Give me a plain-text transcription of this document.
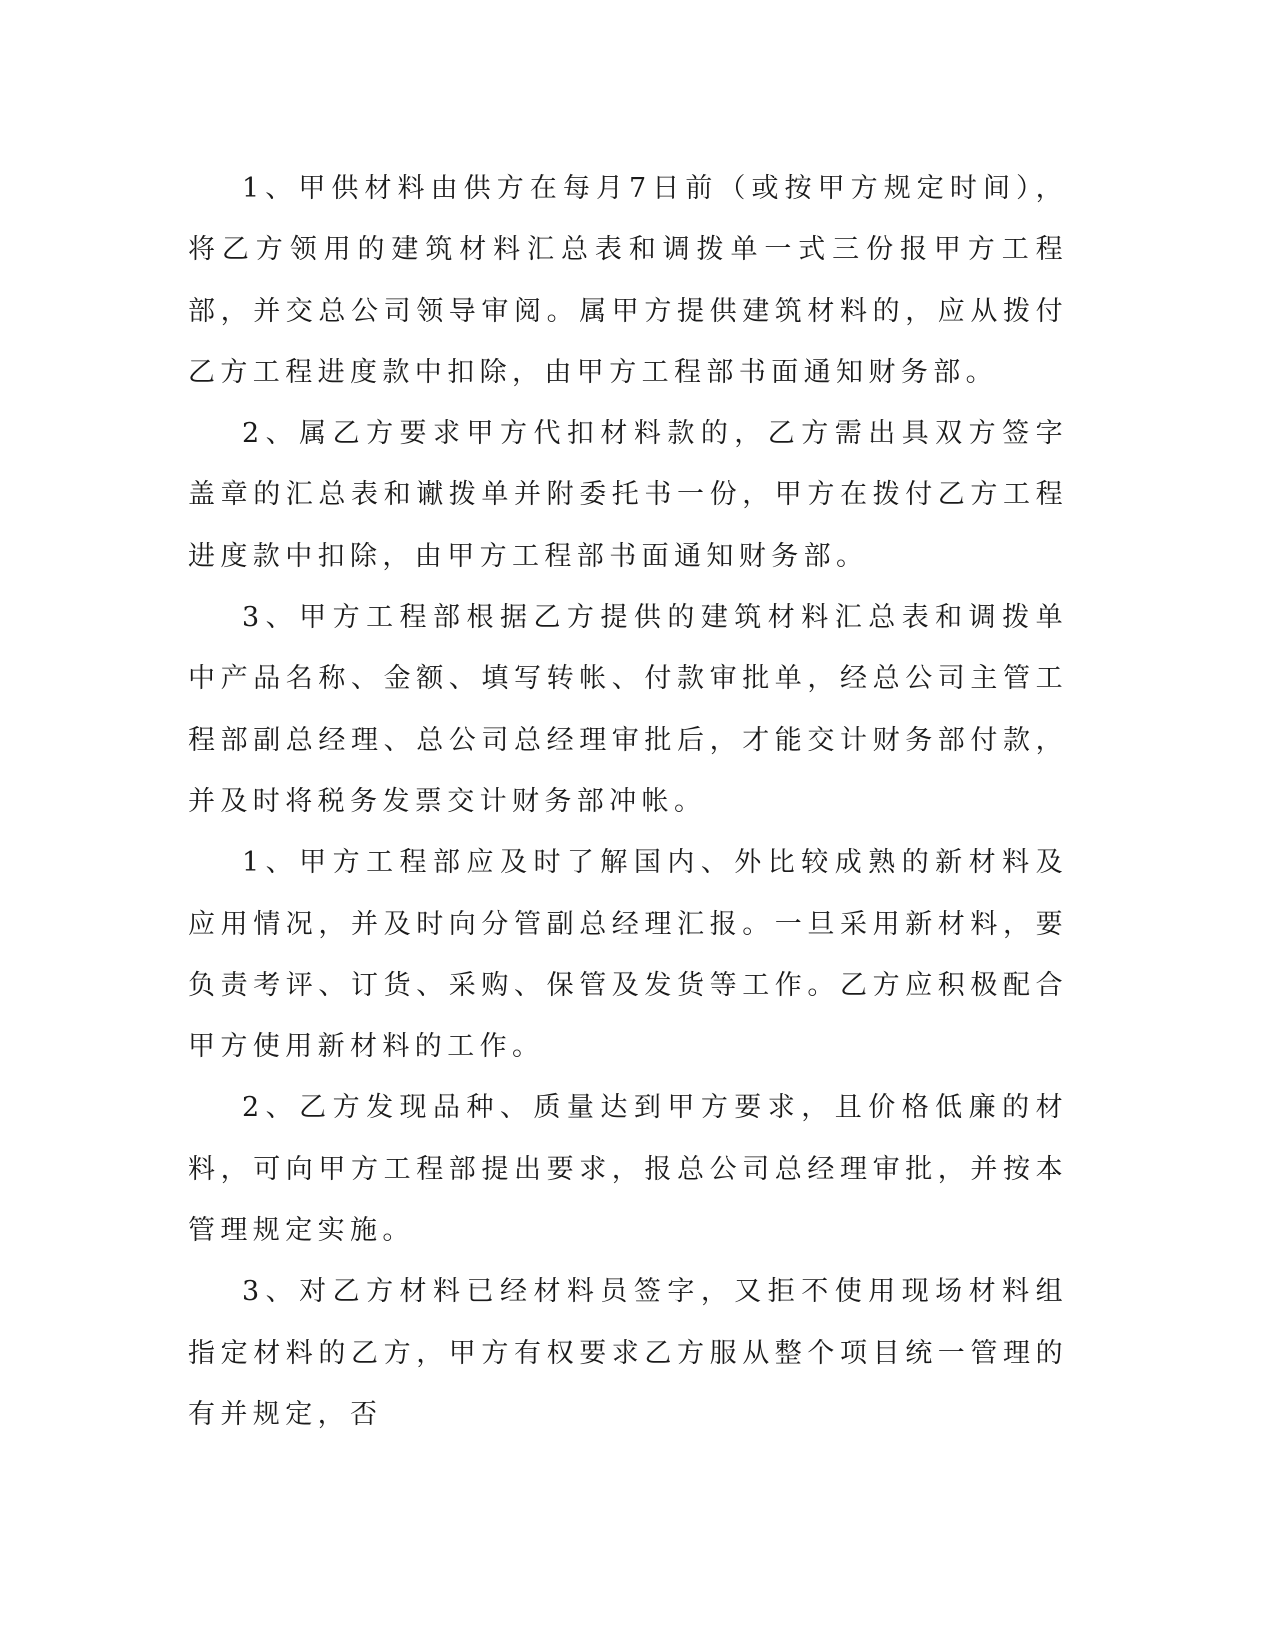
1、甲供材料由供方在每月7日前（或按甲方规定时间），将乙方领用的建筑材料汇总表和调拨单一式三份报甲方工程部，并交总公司领导审阅。属甲方提供建筑材料的，应从拨付乙方工程进度款中扣除，由甲方工程部书面通知财务部。

2、属乙方要求甲方代扣材料款的，乙方需出具双方签字盖章的汇总表和谳拨单并附委托书一份，甲方在拨付乙方工程进度款中扣除，由甲方工程部书面通知财务部。

3、甲方工程部根据乙方提供的建筑材料汇总表和调拨单中产品名称、金额、填写转帐、付款审批单，经总公司主管工程部副总经理、总公司总经理审批后，才能交计财务部付款，并及时将税务发票交计财务部冲帐。

1、甲方工程部应及时了解国内、外比较成熟的新材料及应用情况，并及时向分管副总经理汇报。一旦采用新材料，要负责考评、订货、采购、保管及发货等工作。乙方应积极配合甲方使用新材料的工作。

2、乙方发现品种、质量达到甲方要求，且价格低廉的材料，可向甲方工程部提出要求，报总公司总经理审批，并按本管理规定实施。

3、对乙方材料已经材料员签字，又拒不使用现场材料组指定材料的乙方，甲方有权要求乙方服从整个项目统一管理的有并规定，否
